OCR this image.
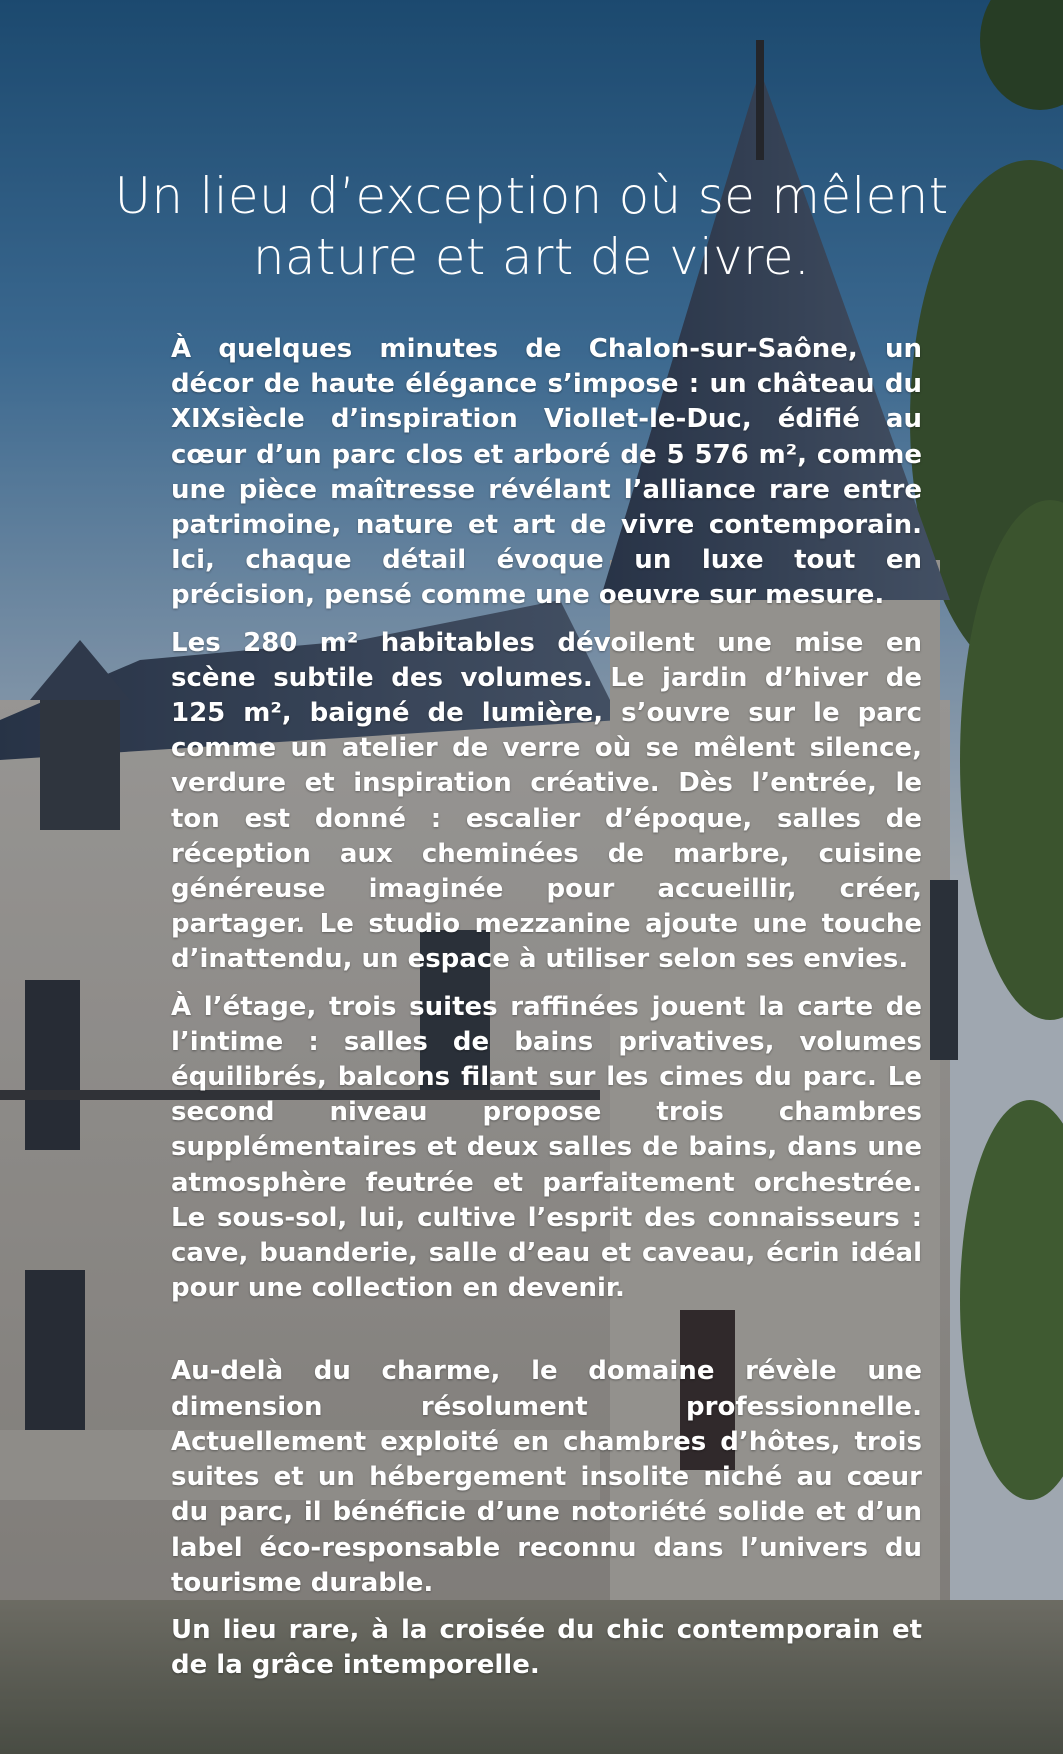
Un lieu d’exception où se mêlent nature et art de vivre.

À quelques minutes de Chalon-sur-Saône, un décor de haute élégance s’impose : un château du XIXsiècle d’inspiration Viollet-le-Duc, édifié au cœur d’un parc clos et arboré de 5 576 m², comme une pièce maîtresse révélant l’alliance rare entre patrimoine, nature et art de vivre contemporain. Ici, chaque détail évoque un luxe tout en précision, pensé comme une oeuvre sur mesure.

Les 280 m² habitables dévoilent une mise en scène subtile des volumes. Le jardin d’hiver de 125 m², baigné de lumière, s’ouvre sur le parc comme un atelier de verre où se mêlent silence, verdure et inspiration créative. Dès l’entrée, le ton est donné : escalier d’époque, salles de réception aux cheminées de marbre, cuisine généreuse imaginée pour accueillir, créer, partager. Le studio mezzanine ajoute une touche d’inattendu, un espace à utiliser selon ses envies.

À l’étage, trois suites raffinées jouent la carte de l’intime : salles de bains privatives, volumes équilibrés, balcons filant sur les cimes du parc. Le second niveau propose trois chambres supplémentaires et deux salles de bains, dans une atmosphère feutrée et parfaitement orchestrée. Le sous-sol, lui, cultive l’esprit des connaisseurs : cave, buanderie, salle d’eau et caveau, écrin idéal pour une collection en devenir.

Au-delà du charme, le domaine révèle une dimension résolument professionnelle. Actuellement exploité en chambres d’hôtes, trois suites et un hébergement insolite niché au cœur du parc, il bénéficie d’une notoriété solide et d’un label éco-responsable reconnu dans l’univers du tourisme durable.

Un lieu rare, à la croisée du chic contemporain et de la grâce intemporelle.
